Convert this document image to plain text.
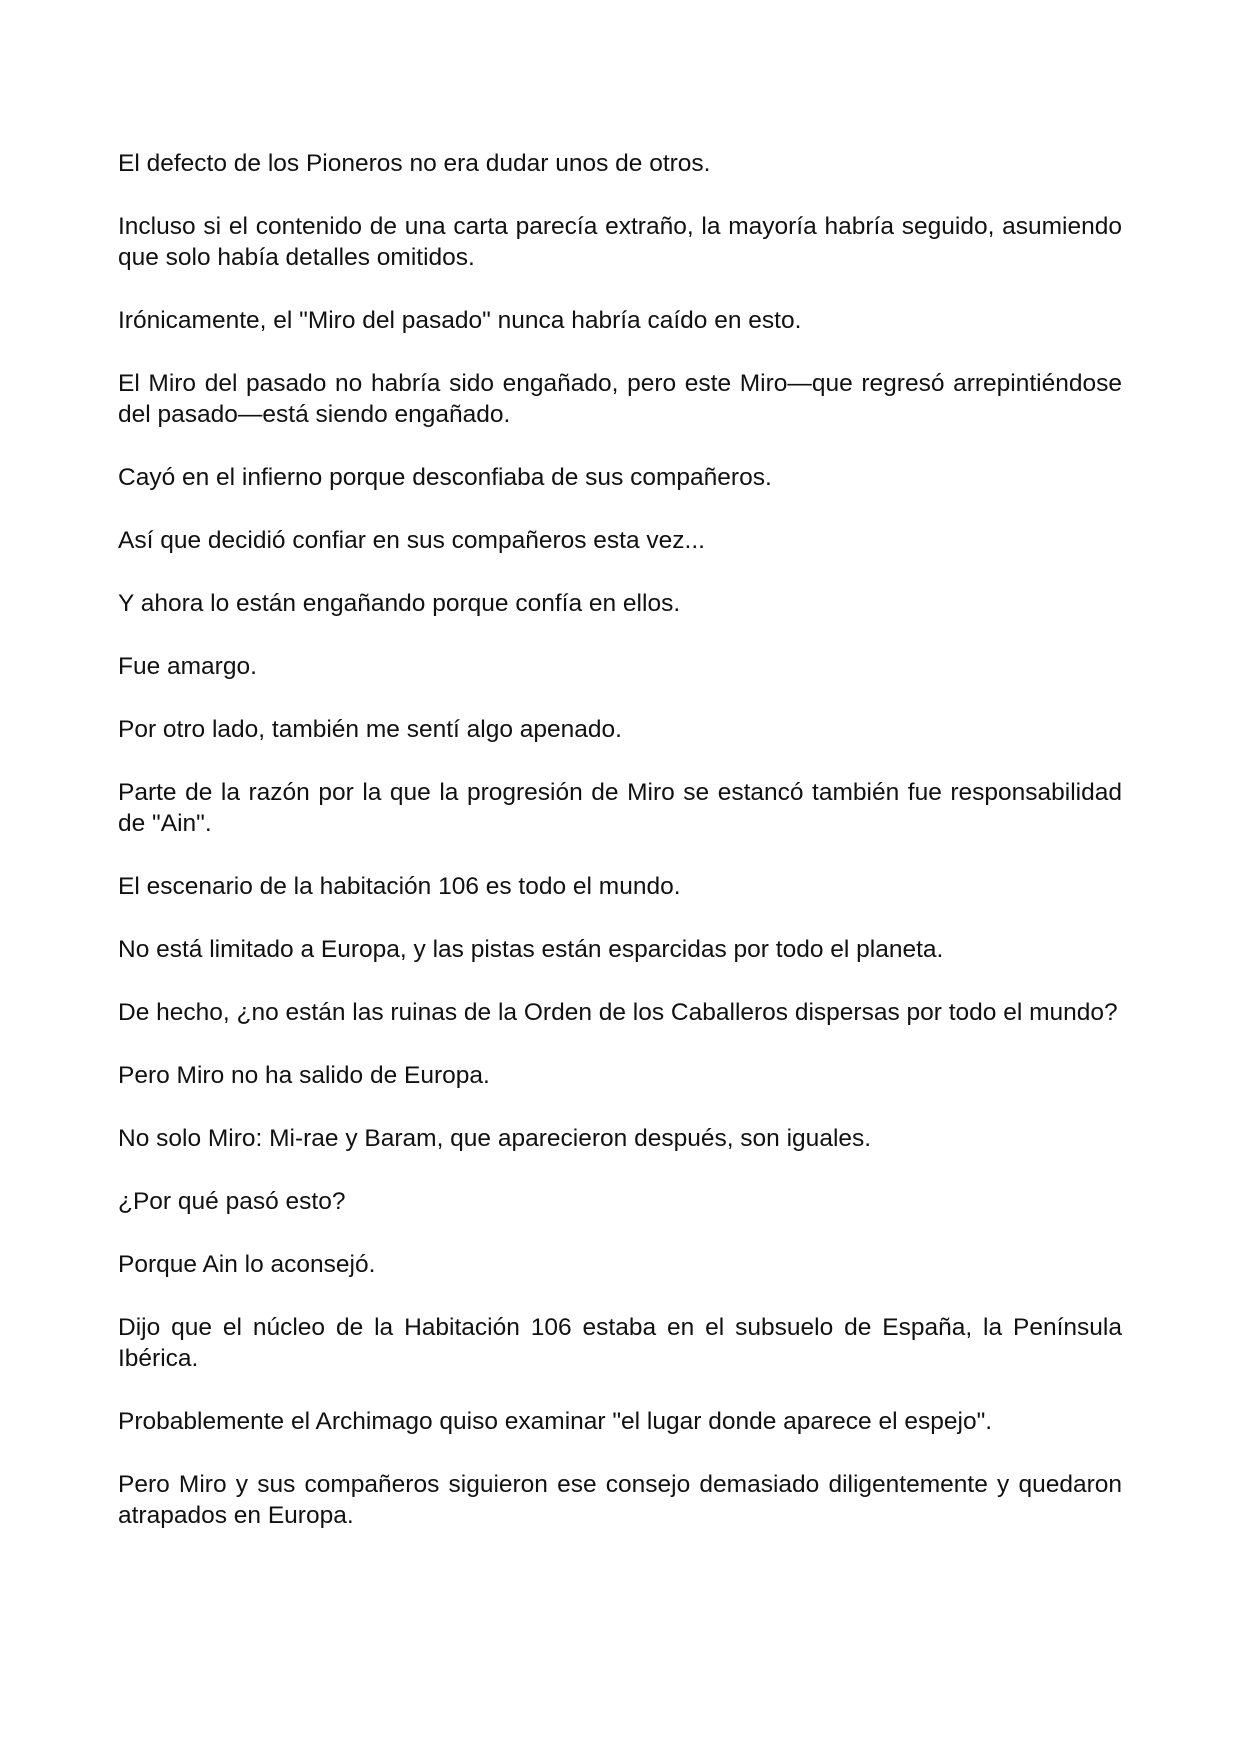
El defecto de los Pioneros no era dudar unos de otros.

Incluso si el contenido de una carta parecía extraño, la mayoría habría seguido, asumiendo que solo había detalles omitidos.

Irónicamente, el "Miro del pasado" nunca habría caído en esto.

El Miro del pasado no habría sido engañado, pero este Miro—que regresó arrepintiéndose del pasado—está siendo engañado.

Cayó en el infierno porque desconfiaba de sus compañeros.

Así que decidió confiar en sus compañeros esta vez...

Y ahora lo están engañando porque confía en ellos.

Fue amargo.

Por otro lado, también me sentí algo apenado.

Parte de la razón por la que la progresión de Miro se estancó también fue responsabilidad de "Ain".

El escenario de la habitación 106 es todo el mundo.

No está limitado a Europa, y las pistas están esparcidas por todo el planeta.

De hecho, ¿no están las ruinas de la Orden de los Caballeros dispersas por todo el mundo?

Pero Miro no ha salido de Europa.

No solo Miro: Mi-rae y Baram, que aparecieron después, son iguales.

¿Por qué pasó esto?

Porque Ain lo aconsejó.

Dijo que el núcleo de la Habitación 106 estaba en el subsuelo de España, la Península Ibérica.

Probablemente el Archimago quiso examinar "el lugar donde aparece el espejo".

Pero Miro y sus compañeros siguieron ese consejo demasiado diligentemente y quedaron atrapados en Europa.
